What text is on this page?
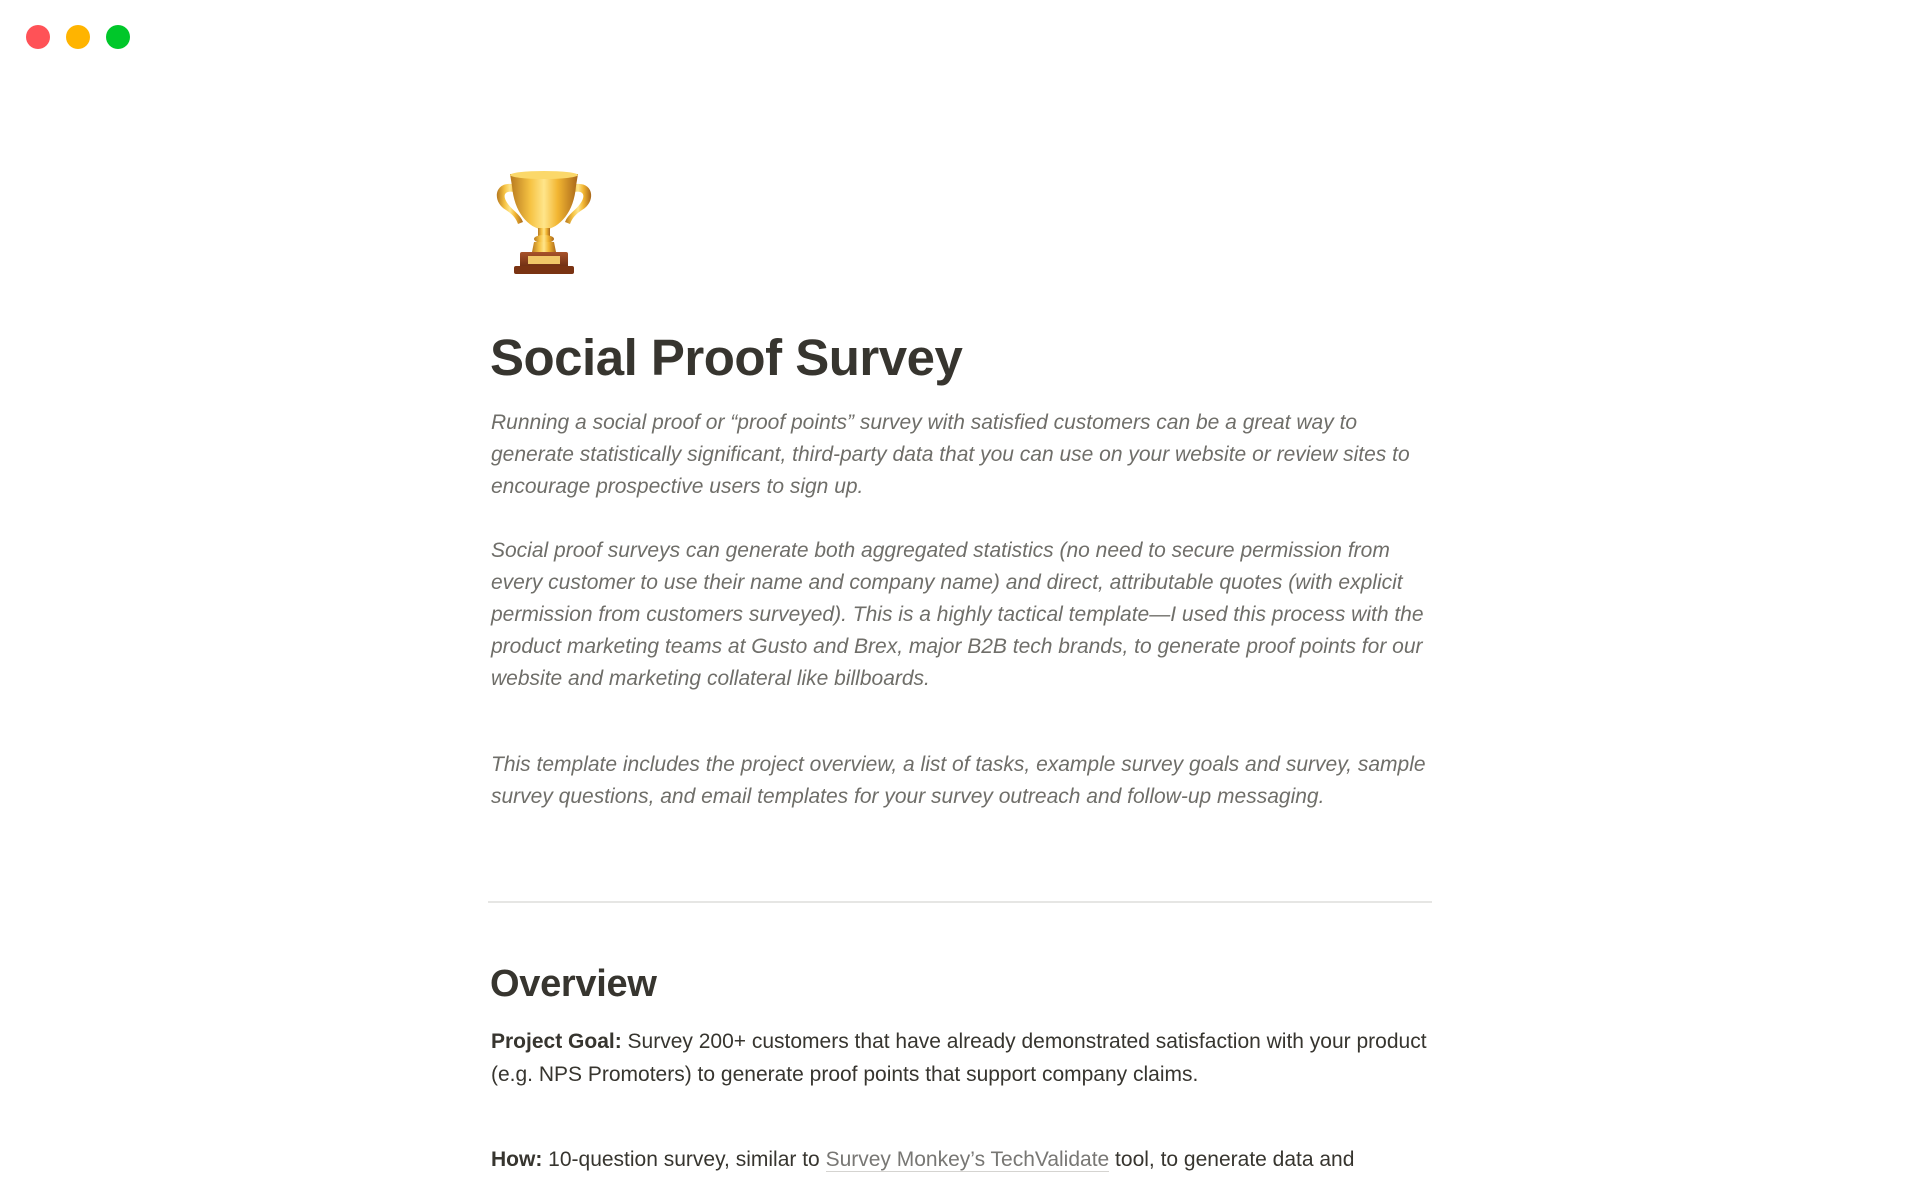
Social Proof Survey

Running a social proof or “proof points” survey with satisfied customers can be a great way to generate statistically significant, third-party data that you can use on your website or review sites to encourage prospective users to sign up.

Social proof surveys can generate both aggregated statistics (no need to secure permission from every customer to use their name and company name) and direct, attributable quotes (with explicit permission from customers surveyed). This is a highly tactical template—I used this process with the product marketing teams at Gusto and Brex, major B2B tech brands, to generate proof points for our website and marketing collateral like billboards.

This template includes the project overview, a list of tasks, example survey goals and survey, sample survey questions, and email templates for your survey outreach and follow-up messaging.

Overview

Project Goal: Survey 200+ customers that have already demonstrated satisfaction with your product (e.g. NPS Promoters) to generate proof points that support company claims.

How: 10-question survey, similar to Survey Monkey’s TechValidate tool, to generate data and
